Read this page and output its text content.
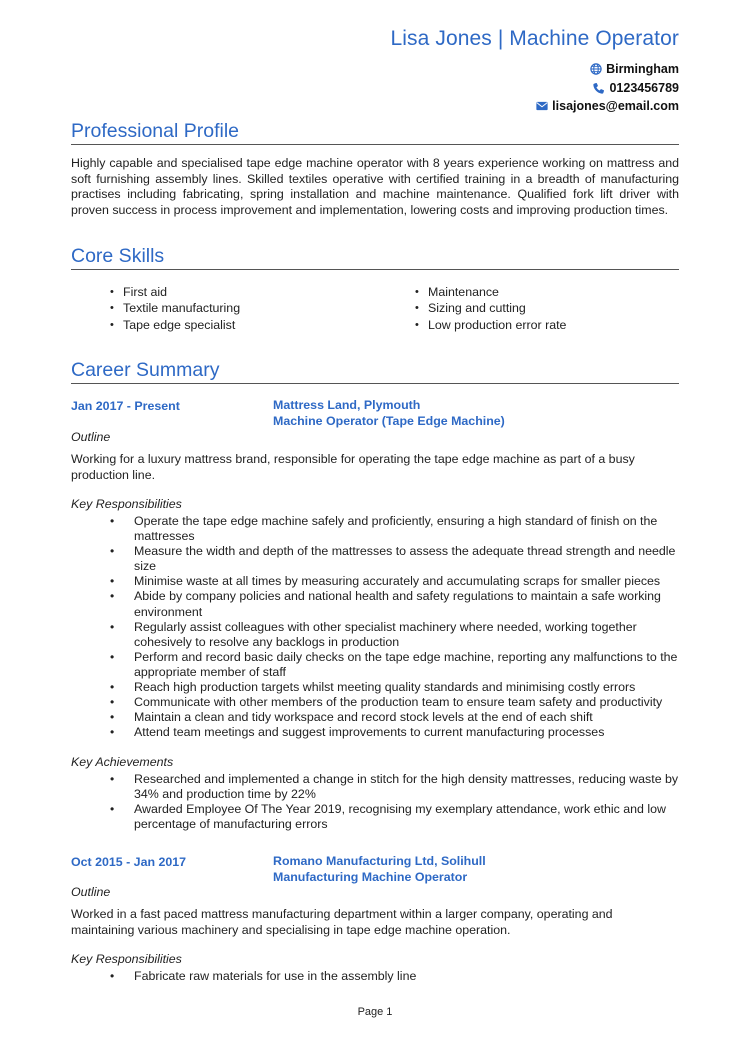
Lisa Jones | Machine Operator
Birmingham
0123456789
lisajones@email.com
Professional Profile
Highly capable and specialised tape edge machine operator with 8 years experience working on mattress and soft furnishing assembly lines. Skilled textiles operative with certified training in a breadth of manufacturing practises including fabricating, spring installation and machine maintenance. Qualified fork lift driver with proven success in process improvement and implementation, lowering costs and improving production times.
Core Skills
• First aid	• Maintenance
• Textile manufacturing	• Sizing and cutting
• Tape edge specialist	• Low production error rate
Career Summary
Jan 2017 - Present	Mattress Land, Plymouth
Machine Operator (Tape Edge Machine)
Outline
Working for a luxury mattress brand, responsible for operating the tape edge machine as part of a busy production line.
Key Responsibilities
• Operate the tape edge machine safely and proficiently, ensuring a high standard of finish on the mattresses
• Measure the width and depth of the mattresses to assess the adequate thread strength and needle size
• Minimise waste at all times by measuring accurately and accumulating scraps for smaller pieces
• Abide by company policies and national health and safety regulations to maintain a safe working environment
• Regularly assist colleagues with other specialist machinery where needed, working together cohesively to resolve any backlogs in production
• Perform and record basic daily checks on the tape edge machine, reporting any malfunctions to the appropriate member of staff
• Reach high production targets whilst meeting quality standards and minimising costly errors
• Communicate with other members of the production team to ensure team safety and productivity
• Maintain a clean and tidy workspace and record stock levels at the end of each shift
• Attend team meetings and suggest improvements to current manufacturing processes
Key Achievements
• Researched and implemented a change in stitch for the high density mattresses, reducing waste by 34% and production time by 22%
• Awarded Employee Of The Year 2019, recognising my exemplary attendance, work ethic and low percentage of manufacturing errors
Oct 2015 - Jan 2017	Romano Manufacturing Ltd, Solihull
Manufacturing Machine Operator
Outline
Worked in a fast paced mattress manufacturing department within a larger company, operating and maintaining various machinery and specialising in tape edge machine operation.
Key Responsibilities
• Fabricate raw materials for use in the assembly line
Page 1
